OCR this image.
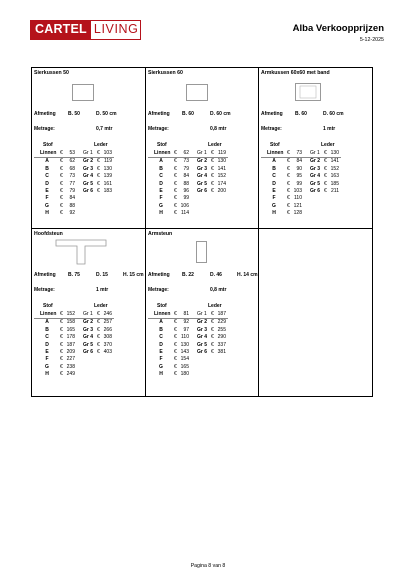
CARTEL LIVING	Alba Verkoopprijzen
5-12-2025
Sierkussen 50
Afmeting B. 50	D. 50 cm
Metrage:	0,7 mtr
Stof	Leder
Linnen	€	53		Gr 1	€	103
A	€	62		Gr 2	€	119
B	€	68		Gr 3	€	130
C	€	73		Gr 4	€	139
D	€	77		Gr 5	€	161
E	€	79		Gr 6	€	183
F	€	84				
G	€	88				
H	€	92				
Sierkussen 60
Afmeting B. 60	D. 60 cm
Metrage:	0,8 mtr
Stof	Leder
Linnen	€	62		Gr 1	€	119
A	€	73		Gr 2	€	130
B	€	79		Gr 3	€	141
C	€	84		Gr 4	€	152
D	€	88		Gr 5	€	174
E	€	96		Gr 6	€	200
F	€	99				
G	€	106				
H	€	114				
Armkussen 60x60 met band
Afmeting B. 60	D. 60 cm
Metrage:	1 mtr
Stof	Leder
Linnen	€	73		Gr 1	€	130
A	€	84		Gr 2	€	141
B	€	90		Gr 3	€	152
C	€	95		Gr 4	€	163
D	€	99		Gr 5	€	185
E	€	103		Gr 6	€	211
F	€	110				
G	€	121				
H	€	128				
Hoofdsteun
Afmeting B. 75	D. 15	H. 15 cm
Metrage:	1 mtr
Stof	Leder
Linnen	€	152		Gr 1	€	246
A	€	158		Gr 2	€	257
B	€	165		Gr 3	€	266
C	€	178		Gr 4	€	308
D	€	187		Gr 5	€	370
E	€	209		Gr 6	€	403
F	€	227				
G	€	238				
H	€	249				
Armsteun
Afmeting B. 22	D. 46	H. 14 cm
Metrage:	0,8 mtr
Stof	Leder
Linnen	€	81		Gr 1	€	187
A	€	92		Gr 2	€	229
B	€	97		Gr 3	€	255
C	€	110		Gr 4	€	290
D	€	130		Gr 5	€	337
E	€	143		Gr 6	€	381
F	€	154				
G	€	165				
H	€	180				
Pagina 8 van 8
